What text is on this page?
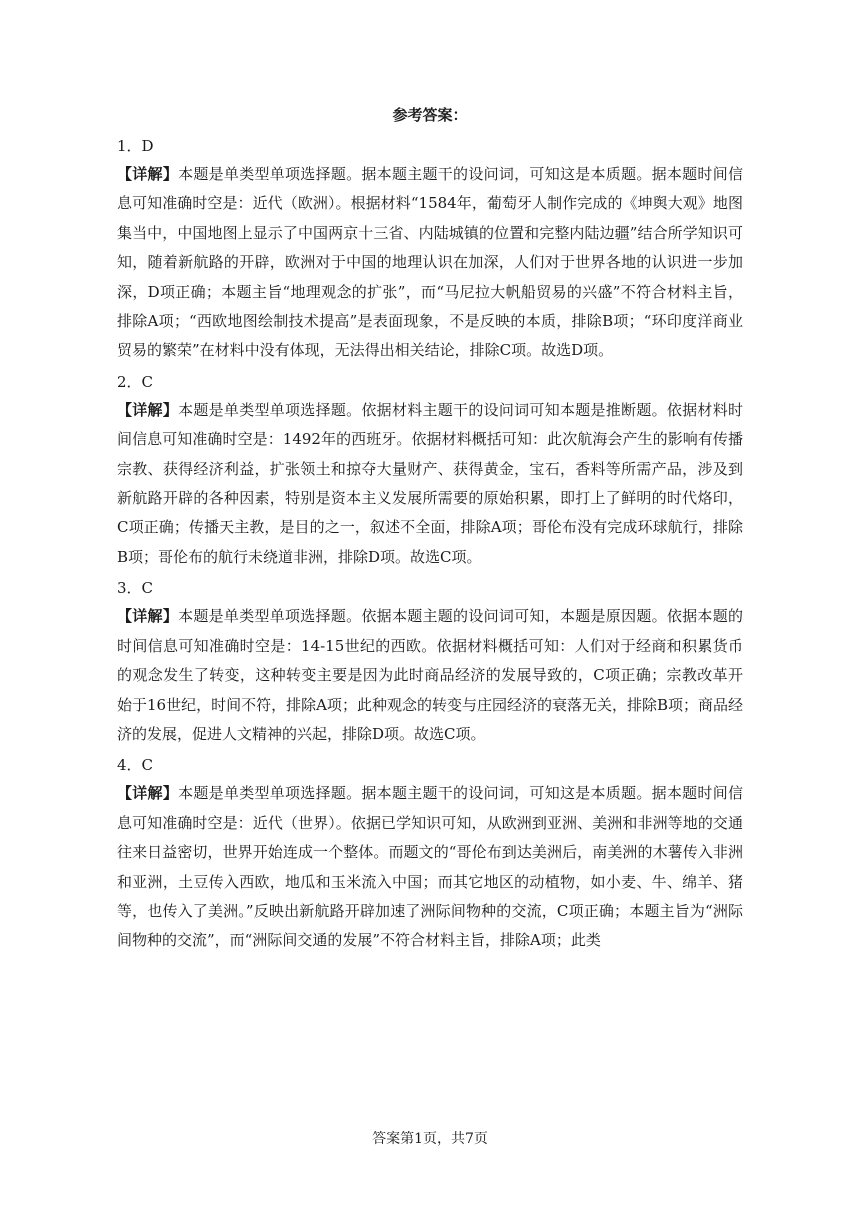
参考答案：
1．D
【详解】本题是单类型单项选择题。据本题主题干的设问词，可知这是本质题。据本题时间信息可知准确时空是：近代（欧洲）。根据材料“1584年，葡萄牙人制作完成的《坤舆大观》地图集当中，中国地图上显示了中国两京十三省、内陆城镇的位置和完整内陆边疆”结合所学知识可知，随着新航路的开辟，欧洲对于中国的地理认识在加深，人们对于世界各地的认识进一步加深，D项正确；本题主旨“地理观念的扩张”，而“马尼拉大帆船贸易的兴盛”不符合材料主旨，排除A项；“西欧地图绘制技术提高”是表面现象，不是反映的本质，排除B项；“环印度洋商业贸易的繁荣”在材料中没有体现，无法得出相关结论，排除C项。故选D项。
2．C
【详解】本题是单类型单项选择题。依据材料主题干的设问词可知本题是推断题。依据材料时间信息可知准确时空是：1492年的西班牙。依据材料概括可知：此次航海会产生的影响有传播宗教、获得经济利益，扩张领土和掠夺大量财产、获得黄金，宝石，香料等所需产品，涉及到新航路开辟的各种因素，特别是资本主义发展所需要的原始积累，即打上了鲜明的时代烙印，C项正确；传播天主教，是目的之一，叙述不全面，排除A项；哥伦布没有完成环球航行，排除B项；哥伦布的航行未绕道非洲，排除D项。故选C项。
3．C
【详解】本题是单类型单项选择题。依据本题主题的设问词可知，本题是原因题。依据本题的时间信息可知准确时空是：14-15世纪的西欧。依据材料概括可知：人们对于经商和积累货币的观念发生了转变，这种转变主要是因为此时商品经济的发展导致的，C项正确；宗教改革开始于16世纪，时间不符，排除A项；此种观念的转变与庄园经济的衰落无关，排除B项；商品经济的发展，促进人文精神的兴起，排除D项。故选C项。
4．C
【详解】本题是单类型单项选择题。据本题主题干的设问词，可知这是本质题。据本题时间信息可知准确时空是：近代（世界）。依据已学知识可知，从欧洲到亚洲、美洲和非洲等地的交通往来日益密切，世界开始连成一个整体。而题文的“哥伦布到达美洲后，南美洲的木薯传入非洲和亚洲，土豆传入西欧，地瓜和玉米流入中国；而其它地区的动植物，如小麦、牛、绵羊、猪等，也传入了美洲。”反映出新航路开辟加速了洲际间物种的交流，C项正确；本题主旨为“洲际间物种的交流”，而“洲际间交通的发展”不符合材料主旨，排除A项；此类
答案第1页，共7页
